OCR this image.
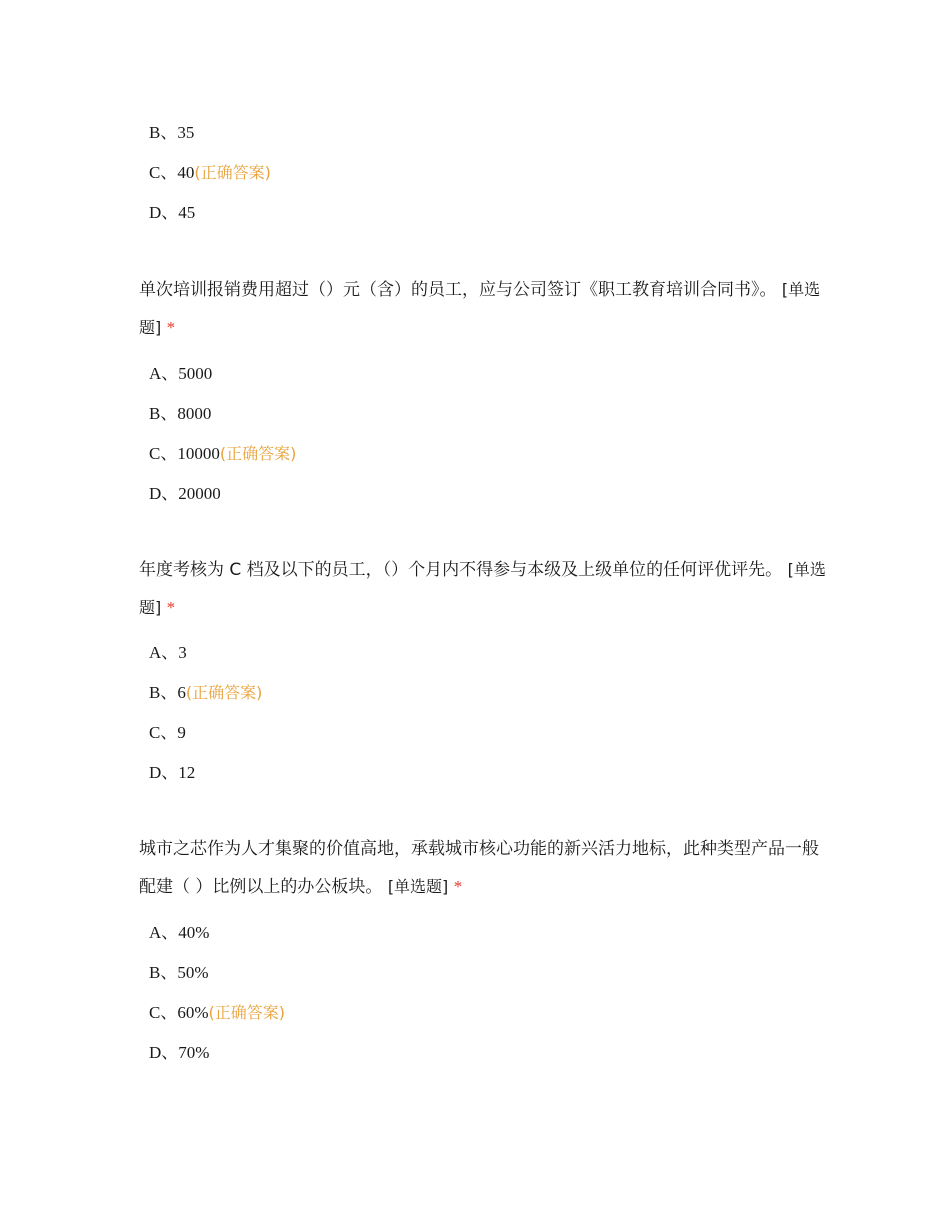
B、35
C、40(正确答案)
D、45
单次培训报销费用超过（）元（含）的员工，应与公司签订《职工教育培训合同书》。 [单选题] *
A、5000
B、8000
C、10000(正确答案)
D、20000
年度考核为 C 档及以下的员工，（）个月内不得参与本级及上级单位的任何评优评先。 [单选题] *
A、3
B、6(正确答案)
C、9
D、12
城市之芯作为人才集聚的价值高地，承载城市核心功能的新兴活力地标，此种类型产品一般配建（ ）比例以上的办公板块。 [单选题] *
A、40%
B、50%
C、60%(正确答案)
D、70%
